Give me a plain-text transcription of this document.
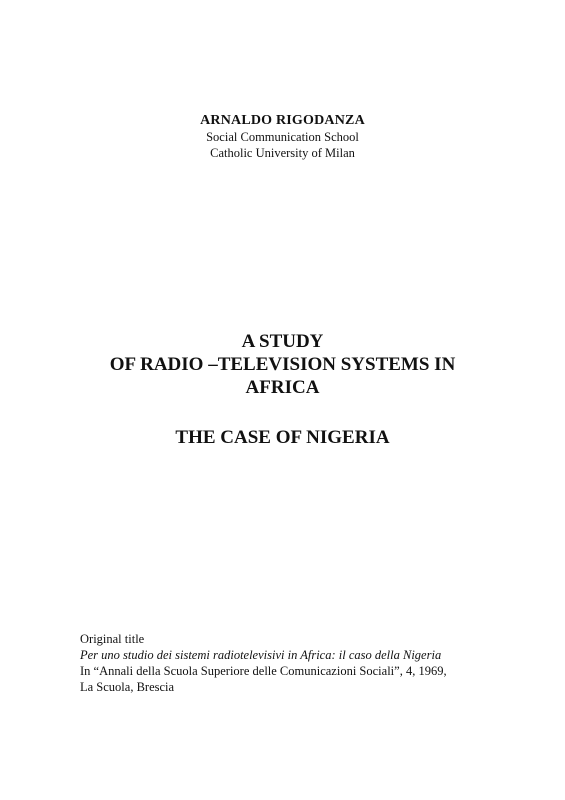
ARNALDO RIGODANZA
Social Communication School
Catholic University of Milan
A STUDY
OF RADIO –TELEVISION SYSTEMS IN
AFRICA
THE CASE OF NIGERIA
Original title
Per uno studio dei sistemi radiotelevisivi in Africa: il caso della Nigeria
In “Annali della Scuola Superiore delle Comunicazioni Sociali”, 4, 1969,
La Scuola, Brescia
